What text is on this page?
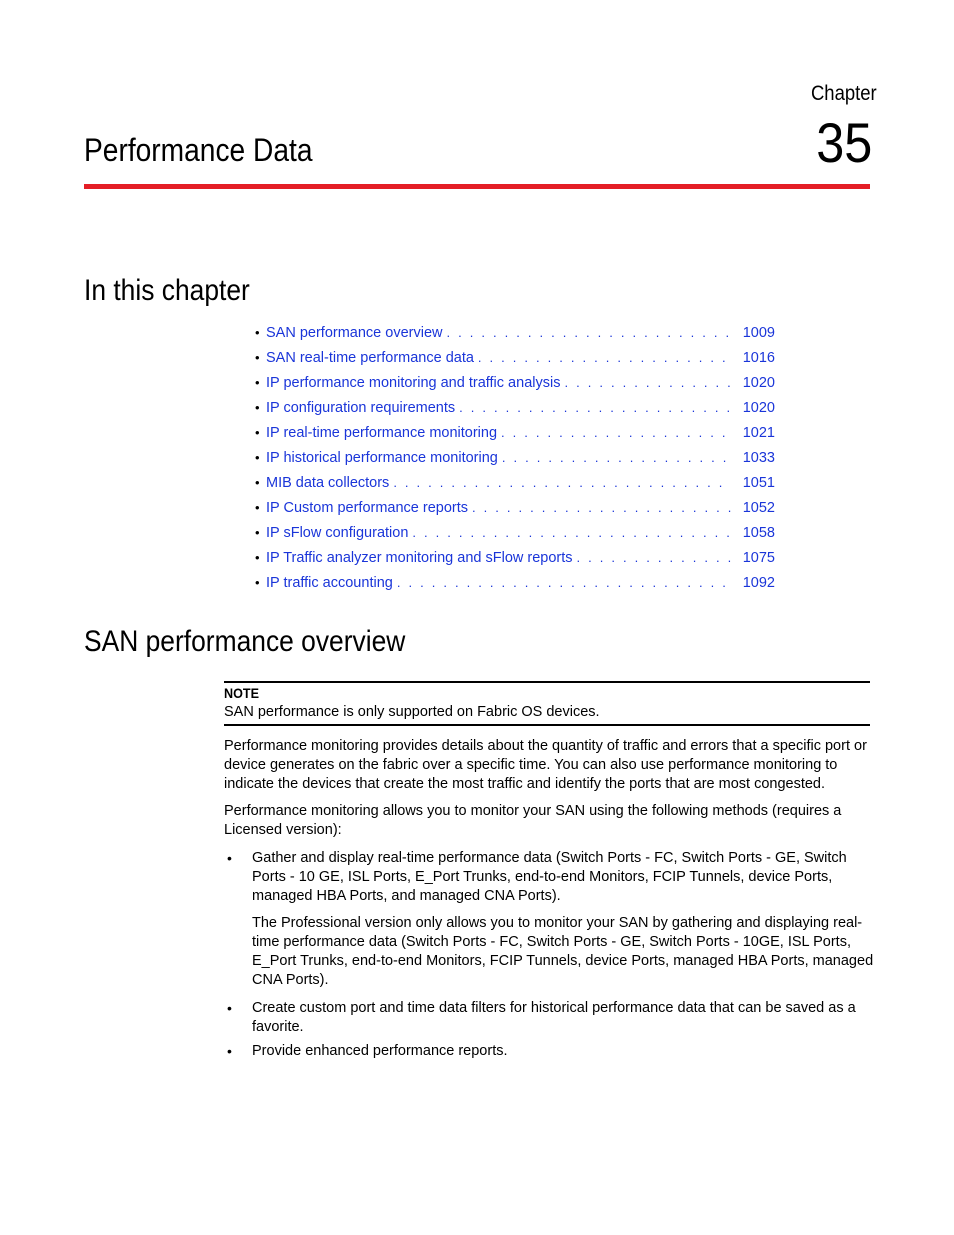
Chapter
35
Performance Data
In this chapter
• SAN performance overview . . .	1009
• SAN real-time performance data . . .	1016
• IP performance monitoring and traffic analysis . . .	1020
• IP configuration requirements . . .	1020
• IP real-time performance monitoring . . .	1021
• IP historical performance monitoring . . .	1033
• MIB data collectors . . .	1051
• IP Custom performance reports . . .	1052
• IP sFlow configuration . . .	1058
• IP Traffic analyzer monitoring and sFlow reports . . .	1075
• IP traffic accounting . . .	1092
SAN performance overview
NOTE
SAN performance is only supported on Fabric OS devices.

Performance monitoring provides details about the quantity of traffic and errors that a specific port or device generates on the fabric over a specific time. You can also use performance monitoring to indicate the devices that create the most traffic and identify the ports that are most congested.

Performance monitoring allows you to monitor your SAN using the following methods (requires a Licensed version):

• Gather and display real-time performance data (Switch Ports - FC, Switch Ports - GE, Switch Ports - 10 GE, ISL Ports, E_Port Trunks, end-to-end Monitors, FCIP Tunnels, device Ports, managed HBA Ports, and managed CNA Ports).

The Professional version only allows you to monitor your SAN by gathering and displaying real-time performance data (Switch Ports - FC, Switch Ports - GE, Switch Ports - 10GE, ISL Ports, E_Port Trunks, end-to-end Monitors, FCIP Tunnels, device Ports, managed HBA Ports, managed CNA Ports).

• Create custom port and time data filters for historical performance data that can be saved as a favorite.

• Provide enhanced performance reports.
